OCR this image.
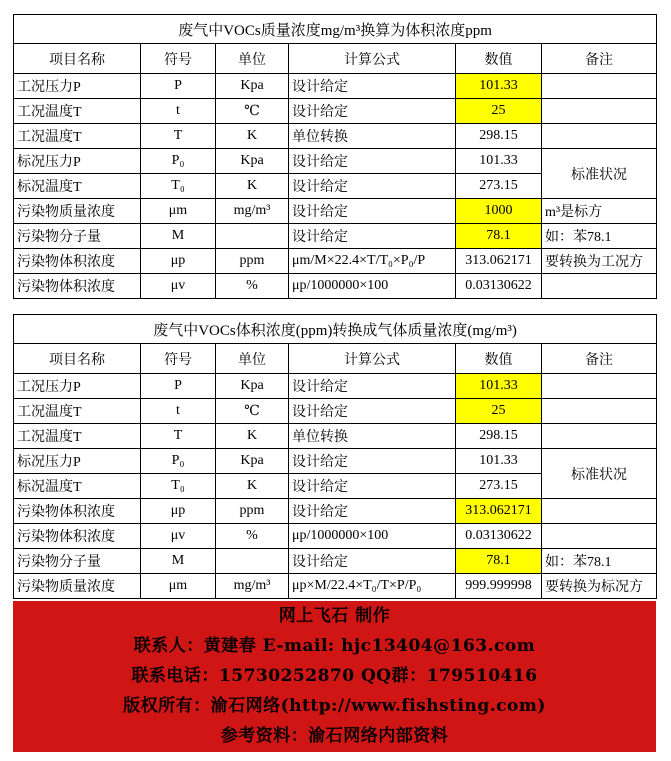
废气中VOCs质量浓度mg/m³换算为体积浓度ppm					
项目名称	符号	单位	计算公式	数值	备注
工况压力P	P	Kpa	设计给定	101.33	
工况温度T	t	℃	设计给定	25	
工况温度T	T	K	单位转换	298.15	
标况压力P	P₀	Kpa	设计给定	101.33	标准状况
标况温度T	T₀	K	设计给定	273.15	
污染物质量浓度	μm	mg/m³	设计给定	1000	m³是标方
污染物分子量	M		设计给定	78.1	如：苯78.1
污染物体积浓度	μp	ppm	μm/M×22.4×T/T₀×P₀/P	313.062171	要转换为工况方
污染物体积浓度	μv	%	μp/1000000×100	0.03130622	
废气中VOCs体积浓度(ppm)转换成气体质量浓度(mg/m³)					
项目名称	符号	单位	计算公式	数值	备注
工况压力P	P	Kpa	设计给定	101.33	
工况温度T	t	℃	设计给定	25	
工况温度T	T	K	单位转换	298.15	
标况压力P	P₀	Kpa	设计给定	101.33	标准状况
标况温度T	T₀	K	设计给定	273.15	
污染物体积浓度	μp	ppm	设计给定	313.062171	
污染物体积浓度	μv	%	μp/1000000×100	0.03130622	
污染物分子量	M		设计给定	78.1	如：苯78.1
污染物质量浓度	μm	mg/m³	μp×M/22.4×T₀/T×P/P₀	999.999998	要转换为标况方
网上飞石 制作
联系人：黄建春 E-mail: hjc13404@163.com
联系电话：15730252870 QQ群：179510416
版权所有：渝石网络(http://www.fishsting.com)
参考资料：渝石网络内部资料
